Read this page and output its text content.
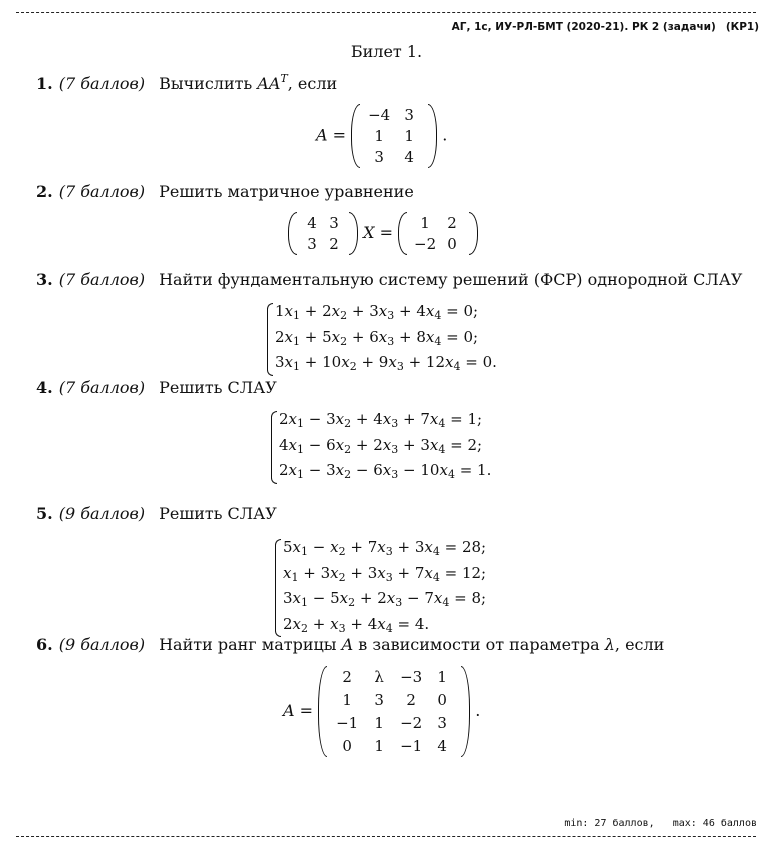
АГ, 1с, ИУ-РЛ-БМТ (2020-21). РК 2 (задачи) (КР1)
Билет 1.
1. (7 баллов) Вычислить $AA^T$, если
A =
−4 3
1	1
3	4
.
2. (7 баллов) Решить матричное уравнение
4 3
3 2
X =	1	2
−2 0
3. (7 баллов) Найти фундаментальную систему решений (ФСР) однородной СЛАУ
$1x_1 + 2x_2 + 3x_3 + 4x_4 = 0$;
$2x_1 + 5x_2 + 6x_3 + 8x_4 = 0$;
$3x_1 + 10x_2 + 9x_3 + 12x_4 = 0$.
4. (7 баллов) Решить СЛАУ
$2x_1 - 3x_2 + 4x_3 + 7x_4 = 1$;
$4x_1 - 6x_2 + 2x_3 + 3x_4 = 2$;
$2x_1 - 3x_2 - 6x_3 - 10x_4 = 1$.
5. (9 баллов) Решить СЛАУ
$5x_1 - x_2 + 7x_3 + 3x_4 = 28$;
$x_1 + 3x_2 + 3x_3 + 7x_4 = 12$;
$3x_1 - 5x_2 + 2x_3 - 7x_4 = 8$;
$2x_2 + x_3 + 4x_4 = 4$.
6. (9 баллов) Найти ранг матрицы A в зависимости от параметра λ, если
A =
2	λ	−3	1
1	3	2	0
−1	1	−2	3
0	1	−1	4
.
min: 27 баллов, max: 46 баллов
